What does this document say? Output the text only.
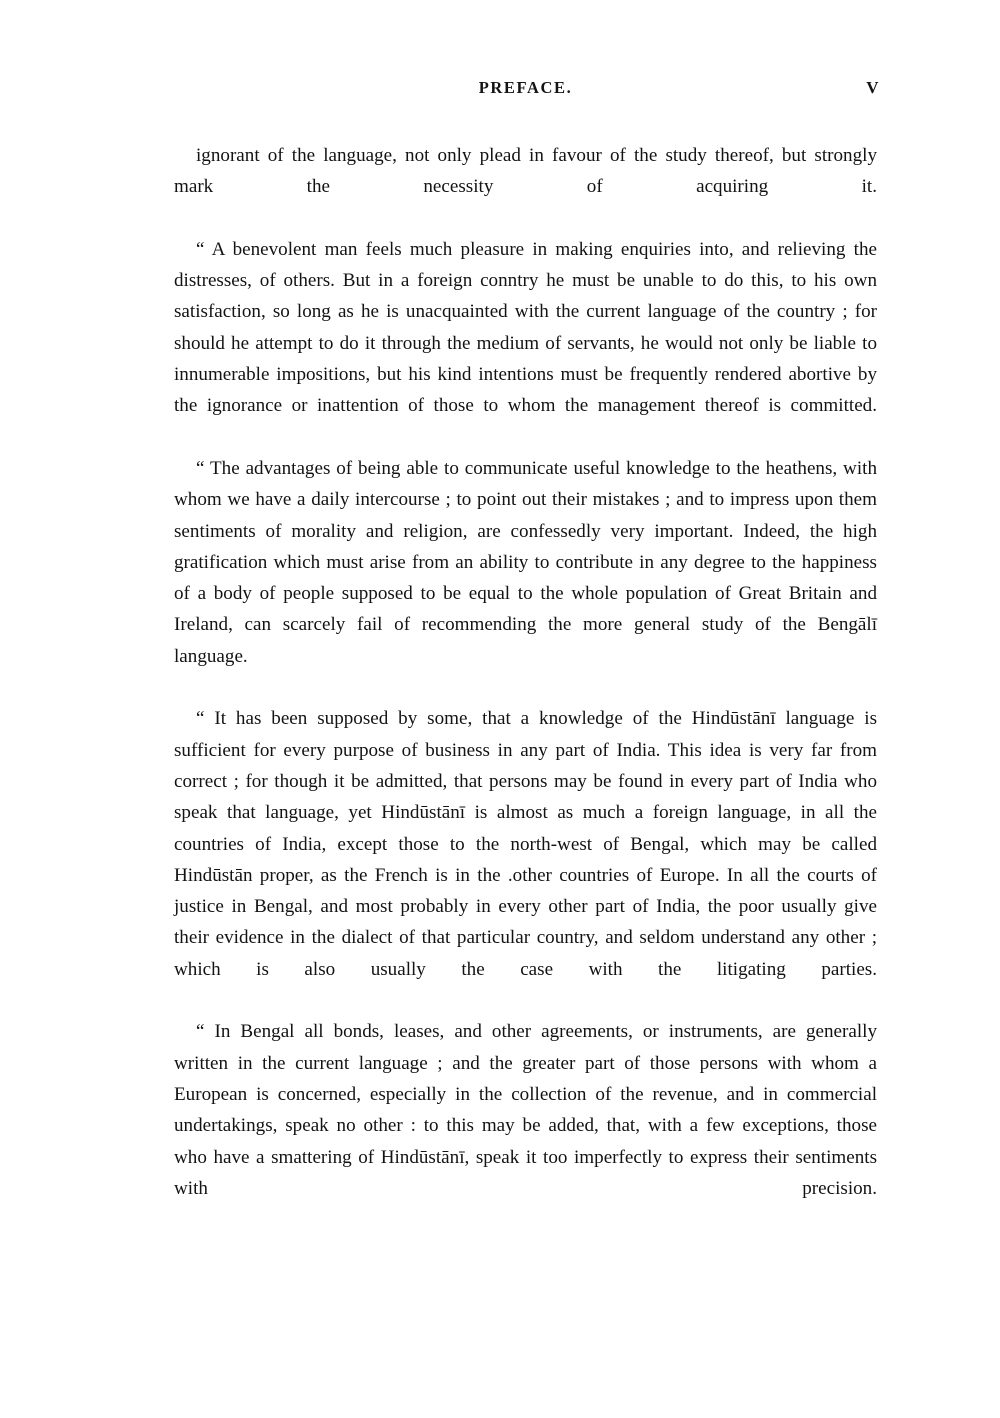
PREFACE.	V

ignorant of the language, not only plead in favour of the study thereof, but strongly mark the necessity of acquiring it.

“ A benevolent man feels much pleasure in making enquiries into, and relieving the distresses, of others. But in a foreign conntry he must be unable to do this, to his own satisfaction, so long as he is unacquainted with the current language of the country ; for should he attempt to do it through the medium of servants, he would not only be liable to innumerable impositions, but his kind intentions must be frequently rendered abortive by the ignorance or inattention of those to whom the management thereof is committed.

“ The advantages of being able to communicate useful knowledge to the heathens, with whom we have a daily intercourse ; to point out their mistakes ; and to impress upon them sentiments of morality and religion, are confessedly very important. Indeed, the high gratification which must arise from an ability to contribute in any degree to the happiness of a body of people supposed to be equal to the whole population of Great Britain and Ireland, can scarcely fail of recommending the more general study of the Bengālī language.

“ It has been supposed by some, that a knowledge of the Hindūstānī language is sufficient for every purpose of business in any part of India. This idea is very far from correct ; for though it be admitted, that persons may be found in every part of India who speak that language, yet Hindūstānī is almost as much a foreign language, in all the countries of India, except those to the north-west of Bengal, which may be called Hindūstān proper, as the French is in the .other countries of Europe. In all the courts of justice in Bengal, and most probably in every other part of India, the poor usually give their evidence in the dialect of that particular country, and seldom understand any other ; which is also usually the case with the litigating parties.

“ In Bengal all bonds, leases, and other agreements, or instruments, are generally written in the current language ; and the greater part of those persons with whom a European is concerned, especially in the collection of the revenue, and in commercial undertakings, speak no other : to this may be added, that, with a few exceptions, those who have a smattering of Hindūstānī, speak it too imperfectly to express their sentiments with precision.
